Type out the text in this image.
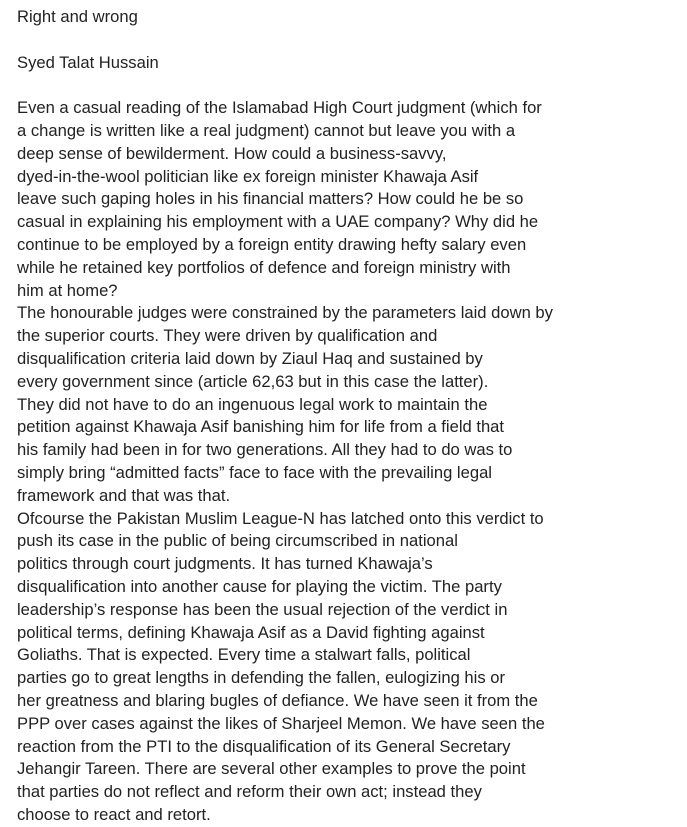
Right and wrong
Syed Talat Hussain
Even a casual reading of the Islamabad High Court judgment (which for
a change is written like a real judgment) cannot but leave you with a
deep sense of bewilderment. How could a business-savvy,
dyed-in-the-wool politician like ex foreign minister Khawaja Asif
leave such gaping holes in his financial matters? How could he be so
casual in explaining his employment with a UAE company? Why did he
continue to be employed by a foreign entity drawing hefty salary even
while he retained key portfolios of defence and foreign ministry with
him at home?
The honourable judges were constrained by the parameters laid down by
the superior courts. They were driven by qualification and
disqualification criteria laid down by Ziaul Haq and sustained by
every government since (article 62,63 but in this case the latter).
They did not have to do an ingenuous legal work to maintain the
petition against Khawaja Asif banishing him for life from a field that
his family had been in for two generations. All they had to do was to
simply bring “admitted facts” face to face with the prevailing legal
framework and that was that.
Ofcourse the Pakistan Muslim League-N has latched onto this verdict to
push its case in the public of being circumscribed in national
politics through court judgments. It has turned Khawaja’s
disqualification into another cause for playing the victim. The party
leadership’s response has been the usual rejection of the verdict in
political terms, defining Khawaja Asif as a David fighting against
Goliaths. That is expected. Every time a stalwart falls, political
parties go to great lengths in defending the fallen, eulogizing his or
her greatness and blaring bugles of defiance. We have seen it from the
PPP over cases against the likes of Sharjeel Memon. We have seen the
reaction from the PTI to the disqualification of its General Secretary
Jehangir Tareen. There are several other examples to prove the point
that parties do not reflect and reform their own act; instead they
choose to react and retort.
